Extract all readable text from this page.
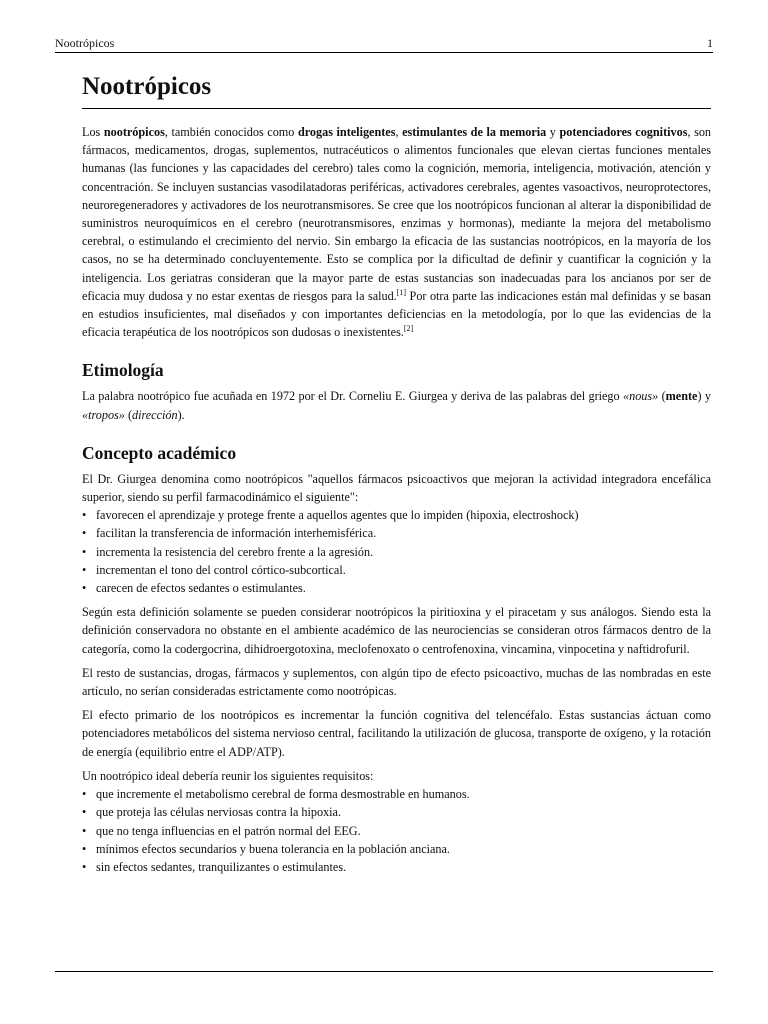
Nootrópicos	1
Nootrópicos

Los nootrópicos, también conocidos como drogas inteligentes, estimulantes de la memoria y potenciadores cognitivos, son fármacos, medicamentos, drogas, suplementos, nutracéuticos o alimentos funcionales que elevan ciertas funciones mentales humanas (las funciones y las capacidades del cerebro) tales como la cognición, memoria, inteligencia, motivación, atención y concentración. Se incluyen sustancias vasodilatadoras periféricas, activadores cerebrales, agentes vasoactivos, neuroprotectores, neuroregeneradores y activadores de los neurotransmisores. Se cree que los nootrópicos funcionan al alterar la disponibilidad de suministros neuroquímicos en el cerebro (neurotransmisores, enzimas y hormonas), mediante la mejora del metabolismo cerebral, o estimulando el crecimiento del nervio. Sin embargo la eficacia de las sustancias nootrópicos, en la mayoría de los casos, no se ha determinado concluyentemente. Esto se complica por la dificultad de definir y cuantificar la cognición y la inteligencia. Los geriatras consideran que la mayor parte de estas sustancias son inadecuadas para los ancianos por ser de eficacia muy dudosa y no estar exentas de riesgos para la salud.[1] Por otra parte las indicaciones están mal definidas y se basan en estudios insuficientes, mal diseñados y con importantes deficiencias en la metodología, por lo que las evidencias de la eficacia terapéutica de los nootrópicos son dudosas o inexistentes.[2]

Etimología

La palabra nootrópico fue acuñada en 1972 por el Dr. Corneliu E. Giurgea y deriva de las palabras del griego «nous» (mente) y «tropos» (dirección).

Concepto académico

El Dr. Giurgea denomina como nootrópicos "aquellos fármacos psicoactivos que mejoran la actividad integradora encefálica superior, siendo su perfil farmacodinámico el siguiente":

• favorecen el aprendizaje y protege frente a aquellos agentes que lo impiden (hipoxia, electroshock)
• facilitan la transferencia de información interhemisférica.
• incrementa la resistencia del cerebro frente a la agresión.
• incrementan el tono del control córtico-subcortical.
• carecen de efectos sedantes o estimulantes.

Según esta definición solamente se pueden considerar nootrópicos la piritioxina y el piracetam y sus análogos. Siendo esta la definición conservadora no obstante en el ambiente académico de las neurociencias se consideran otros fármacos dentro de la categoría, como la codergocrina, dihidroergotoxina, meclofenoxato o centrofenoxina, vincamina, vinpocetina y naftidrofuril.

El resto de sustancias, drogas, fármacos y suplementos, con algún tipo de efecto psicoactivo, muchas de las nombradas en este artículo, no serían consideradas estrictamente como nootrópicas.

El efecto primario de los nootrópicos es incrementar la función cognitiva del telencéfalo. Estas sustancias áctuan como potenciadores metabólicos del sistema nervioso central, facilitando la utilización de glucosa, transporte de oxígeno, y la rotación de energía (equilibrio entre el ADP/ATP).

Un nootrópico ideal debería reunir los siguientes requisitos:

• que incremente el metabolismo cerebral de forma desmostrable en humanos.
• que proteja las células nerviosas contra la hipoxia.
• que no tenga influencias en el patrón normal del EEG.
• mínimos efectos secundarios y buena tolerancia en la población anciana.
• sin efectos sedantes, tranquilizantes o estimulantes.
